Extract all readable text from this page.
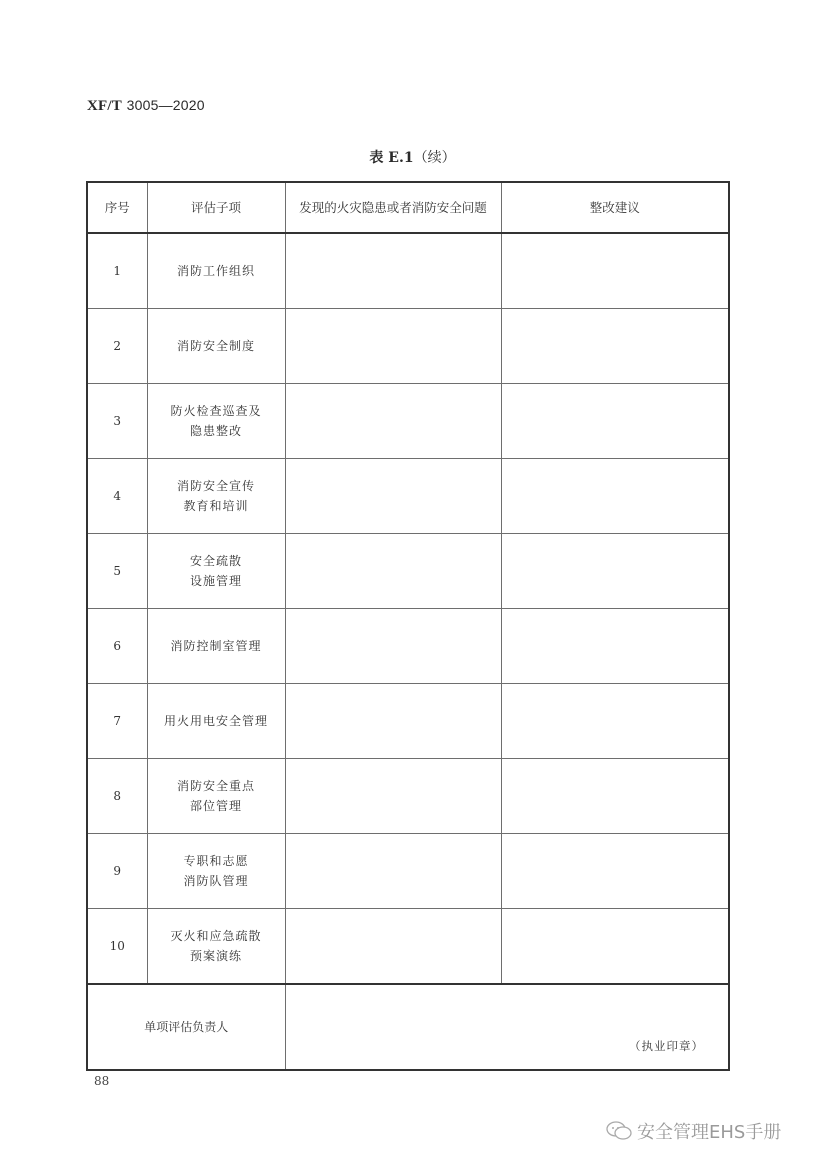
XF/T 3005—2020
表 E.1（续）
序号	评估子项	发现的火灾隐患或者消防安全问题	整改建议
1	消防工作组织		

2	消防安全制度		

3	防火检查巡查及
隐患整改		

4	消防安全宣传
教育和培训		

5	安全疏散
设施管理		

6	消防控制室管理		

7	用火用电安全管理		

8	消防安全重点
部位管理		

9	专职和志愿
消防队管理		

10	灭火和应急疏散
预案演练		

单项评估负责人		（执业印章）	
88
安全管理EHS手册
